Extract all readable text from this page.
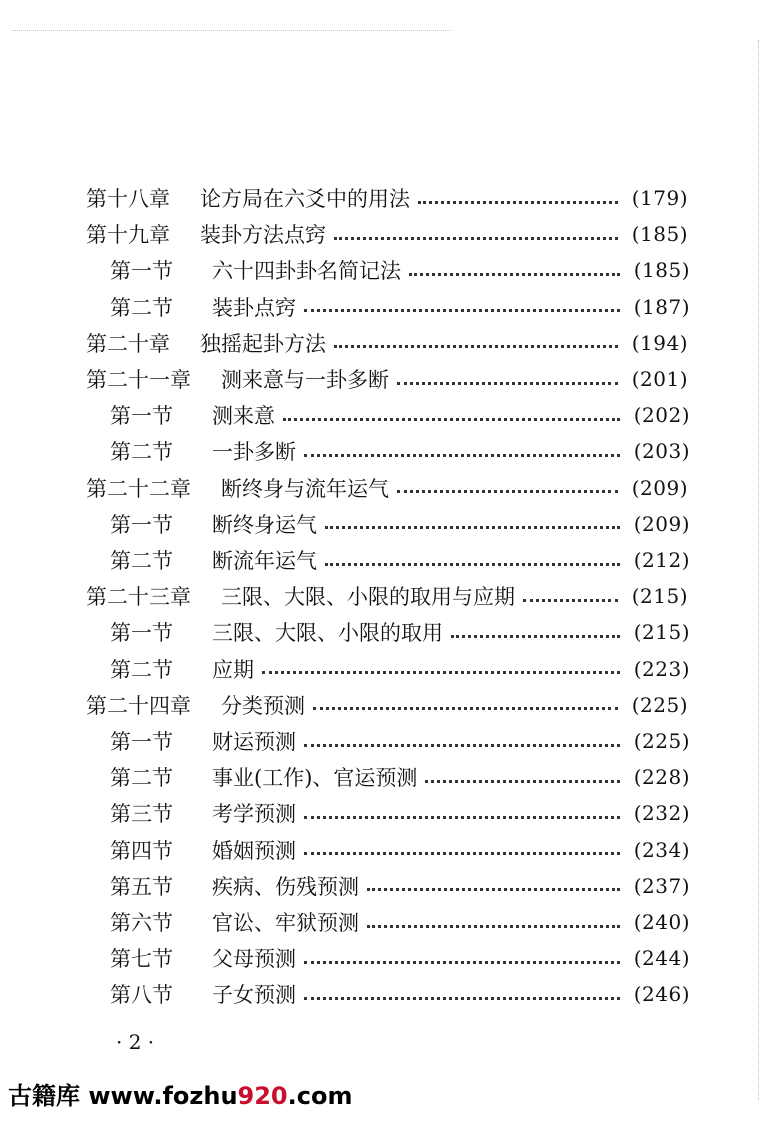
第十八章 论方局在六爻中的用法	(179)
第十九章 装卦方法点窍	(185)
第一节	六十四卦卦名简记法	(185)
第二节	装卦点窍	(187)
第二十章 独摇起卦方法	(194)
第二十一章 测来意与一卦多断	(201)
第一节	测来意	(202)
第二节	一卦多断	(203)
第二十二章 断终身与流年运气	(209)
第一节	断终身运气	(209)
第二节	断流年运气	(212)
第二十三章 三限、大限、小限的取用与应期	(215)
第一节	三限、大限、小限的取用	(215)
第二节	应期	(223)
第二十四章 分类预测	(225)
第一节	财运预测	(225)
第二节	事业(工作)、官运预测	(228)
第三节	考学预测	(232)
第四节	婚姻预测	(234)
第五节	疾病、伤残预测	(237)
第六节	官讼、牢狱预测	(240)
第七节	父母预测	(244)
第八节	子女预测	(246)
· 2 ·
古籍库 www.fozhu920.com
